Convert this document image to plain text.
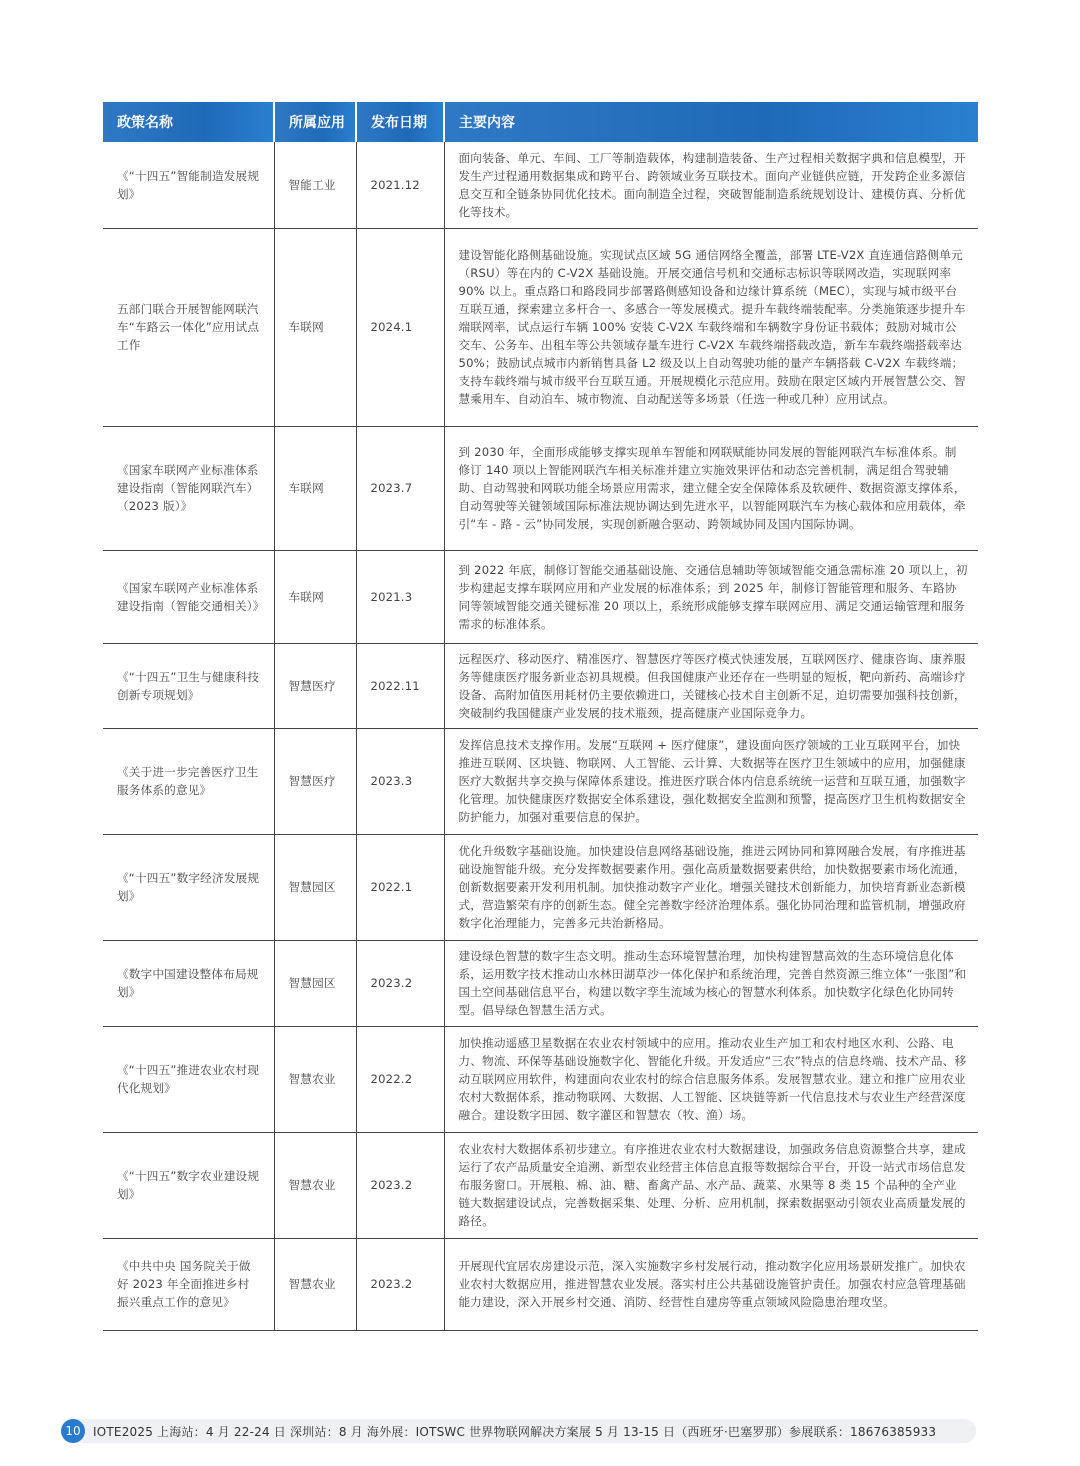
政策名称	所属应用	发布日期	主要内容
《“十四五”智能制造发展规划》	智能工业	2021.12	面向装备、单元、车间、工厂等制造载体，构建制造装备、生产过程相关数据字典和信息模型，开发生产过程通用数据集成和跨平台、跨领域业务互联技术。面向产业链供应链，开发跨企业多源信息交互和全链条协同优化技术。面向制造全过程，突破智能制造系统规划设计、建模仿真、分析优化等技术。
五部门联合开展智能网联汽车“车路云一体化”应用试点工作	车联网	2024.1	建设智能化路侧基础设施。实现试点区域 5G 通信网络全覆盖，部署 LTE-V2X 直连通信路侧单元（RSU）等在内的 C-V2X 基础设施。开展交通信号机和交通标志标识等联网改造，实现联网率 90% 以上。重点路口和路段同步部署路侧感知设备和边缘计算系统（MEC），实现与城市级平台互联互通，探索建立多杆合一、多感合一等发展模式。提升车载终端装配率。分类施策逐步提升车端联网率，试点运行车辆 100% 安装 C-V2X 车载终端和车辆数字身份证书载体；鼓励对城市公交车、公务车、出租车等公共领域存量车进行 C-V2X 车载终端搭载改造，新车车载终端搭载率达 50%；鼓励试点城市内新销售具备 L2 级及以上自动驾驶功能的量产车辆搭载 C-V2X 车载终端；支持车载终端与城市级平台互联互通。开展规模化示范应用。鼓励在限定区域内开展智慧公交、智慧乘用车、自动泊车、城市物流、自动配送等多场景（任选一种或几种）应用试点。
《国家车联网产业标准体系建设指南（智能网联汽车）（2023 版）》	车联网	2023.7	到 2030 年，全面形成能够支撑实现单车智能和网联赋能协同发展的智能网联汽车标准体系。制修订 140 项以上智能网联汽车相关标准并建立实施效果评估和动态完善机制，满足组合驾驶辅助、自动驾驶和网联功能全场景应用需求，建立健全安全保障体系及软硬件、数据资源支撑体系，自动驾驶等关键领域国际标准法规协调达到先进水平，以智能网联汽车为核心载体和应用载体，牵引“车 - 路 - 云”协同发展，实现创新融合驱动、跨领域协同及国内国际协调。
《国家车联网产业标准体系建设指南（智能交通相关）》	车联网	2021.3	到 2022 年底，制修订智能交通基础设施、交通信息辅助等领域智能交通急需标准 20 项以上，初步构建起支撑车联网应用和产业发展的标准体系；到 2025 年，制修订智能管理和服务、车路协同等领域智能交通关键标准 20 项以上，系统形成能够支撑车联网应用、满足交通运输管理和服务需求的标准体系。
《“十四五”卫生与健康科技创新专项规划》	智慧医疗	2022.11	远程医疗、移动医疗、精准医疗、智慧医疗等医疗模式快速发展，互联网医疗、健康咨询、康养服务等健康医疗服务新业态初具规模。但我国健康产业还存在一些明显的短板，靶向新药、高端诊疗设备、高附加值医用耗材仍主要依赖进口，关键核心技术自主创新不足，迫切需要加强科技创新，突破制约我国健康产业发展的技术瓶颈，提高健康产业国际竞争力。
《关于进一步完善医疗卫生服务体系的意见》	智慧医疗	2023.3	发挥信息技术支撑作用。发展“互联网 + 医疗健康”，建设面向医疗领域的工业互联网平台，加快推进互联网、区块链、物联网、人工智能、云计算、大数据等在医疗卫生领域中的应用，加强健康医疗大数据共享交换与保障体系建设。推进医疗联合体内信息系统统一运营和互联互通，加强数字化管理。加快健康医疗数据安全体系建设，强化数据安全监测和预警，提高医疗卫生机构数据安全防护能力，加强对重要信息的保护。
《“十四五”数字经济发展规划》	智慧园区	2022.1	优化升级数字基础设施。加快建设信息网络基础设施，推进云网协同和算网融合发展，有序推进基础设施智能升级。充分发挥数据要素作用。强化高质量数据要素供给，加快数据要素市场化流通，创新数据要素开发利用机制。加快推动数字产业化。增强关键技术创新能力，加快培育新业态新模式，营造繁荣有序的创新生态。健全完善数字经济治理体系。强化协同治理和监管机制，增强政府数字化治理能力，完善多元共治新格局。
《数字中国建设整体布局规划》	智慧园区	2023.2	建设绿色智慧的数字生态文明。推动生态环境智慧治理，加快构建智慧高效的生态环境信息化体系，运用数字技术推动山水林田湖草沙一体化保护和系统治理，完善自然资源三维立体“一张图”和国土空间基础信息平台，构建以数字孪生流域为核心的智慧水利体系。加快数字化绿色化协同转型。倡导绿色智慧生活方式。
《“十四五”推进农业农村现代化规划》	智慧农业	2022.2	加快推动遥感卫星数据在农业农村领域中的应用。推动农业生产加工和农村地区水利、公路、电力、物流、环保等基础设施数字化、智能化升级。开发适应“三农”特点的信息终端、技术产品、移动互联网应用软件，构建面向农业农村的综合信息服务体系。发展智慧农业。建立和推广应用农业农村大数据体系，推动物联网、大数据、人工智能、区块链等新一代信息技术与农业生产经营深度融合。建设数字田园、数字灌区和智慧农（牧、渔）场。
《“十四五”数字农业建设规划》	智慧农业	2023.2	农业农村大数据体系初步建立。有序推进农业农村大数据建设，加强政务信息资源整合共享，建成运行了农产品质量安全追溯、新型农业经营主体信息直报等数据综合平台，开设一站式市场信息发布服务窗口。开展粮、棉、油、糖、畜禽产品、水产品、蔬菜、水果等 8 类 15 个品种的全产业链大数据建设试点，完善数据采集、处理、分析、应用机制，探索数据驱动引领农业高质量发展的路径。
《中共中央 国务院关于做好 2023 年全面推进乡村振兴重点工作的意见》	智慧农业	2023.2	开展现代宜居农房建设示范，深入实施数字乡村发展行动，推动数字化应用场景研发推广。加快农业农村大数据应用，推进智慧农业发展。落实村庄公共基础设施管护责任。加强农村应急管理基础能力建设，深入开展乡村交通、消防、经营性自建房等重点领域风险隐患治理攻坚。
10	IOTE2025 上海站：4 月 22-24 日 深圳站：8 月 海外展：IOTSWC 世界物联网解决方案展 5 月 13-15 日（西班牙·巴塞罗那）参展联系：18676385933
